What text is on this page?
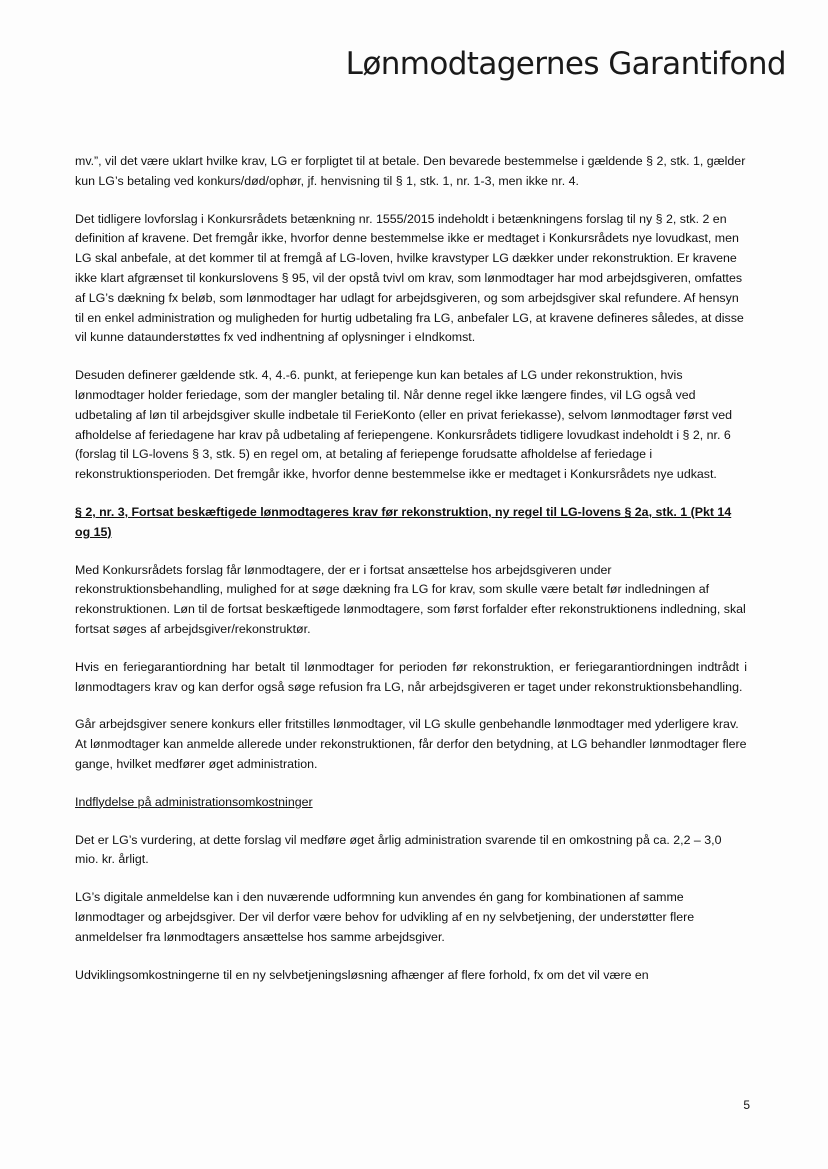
Lønmodtagernes Garantifond

mv.”, vil det være uklart hvilke krav, LG er forpligtet til at betale. Den bevarede bestemmelse i gældende § 2, stk. 1, gælder kun LG’s betaling ved konkurs/død/ophør, jf. henvisning til § 1, stk. 1, nr. 1-3, men ikke nr. 4.

Det tidligere lovforslag i Konkursrådets betænkning nr. 1555/2015 indeholdt i betænkningens forslag til ny § 2, stk. 2 en definition af kravene. Det fremgår ikke, hvorfor denne bestemmelse ikke er medtaget i Konkursrådets nye lovudkast, men LG skal anbefale, at det kommer til at fremgå af LG-loven, hvilke kravstyper LG dækker under rekonstruktion. Er kravene ikke klart afgrænset til konkurslovens § 95, vil der opstå tvivl om krav, som lønmodtager har mod arbejdsgiveren, omfattes af LG’s dækning fx beløb, som lønmodtager har udlagt for arbejdsgiveren, og som arbejdsgiver skal refundere. Af hensyn til en enkel administration og muligheden for hurtig udbetaling fra LG, anbefaler LG, at kravene defineres således, at disse vil kunne dataunderstøttes fx ved indhentning af oplysninger i eIndkomst.

Desuden definerer gældende stk. 4, 4.-6. punkt, at feriepenge kun kan betales af LG under rekonstruktion, hvis lønmodtager holder feriedage, som der mangler betaling til. Når denne regel ikke længere findes, vil LG også ved udbetaling af løn til arbejdsgiver skulle indbetale til FerieKonto (eller en privat feriekasse), selvom lønmodtager først ved afholdelse af feriedagene har krav på udbetaling af feriepengene. Konkursrådets tidligere lovudkast indeholdt i § 2, nr. 6 (forslag til LG-lovens § 3, stk. 5) en regel om, at betaling af feriepenge forudsatte afholdelse af feriedage i rekonstruktionsperioden. Det fremgår ikke, hvorfor denne bestemmelse ikke er medtaget i Konkursrådets nye udkast.

§ 2, nr. 3, Fortsat beskæftigede lønmodtageres krav før rekonstruktion, ny regel til LG-lovens § 2a, stk. 1 (Pkt 14 og 15)

Med Konkursrådets forslag får lønmodtagere, der er i fortsat ansættelse hos arbejdsgiveren under rekonstruktionsbehandling, mulighed for at søge dækning fra LG for krav, som skulle være betalt før indledningen af rekonstruktionen. Løn til de fortsat beskæftigede lønmodtagere, som først forfalder efter rekonstruktionens indledning, skal fortsat søges af arbejdsgiver/rekonstruktør.

Hvis en feriegarantiordning har betalt til lønmodtager for perioden før rekonstruktion, er feriegarantiordningen indtrådt i lønmodtagers krav og kan derfor også søge refusion fra LG, når arbejdsgiveren er taget under rekonstruktionsbehandling.

Går arbejdsgiver senere konkurs eller fritstilles lønmodtager, vil LG skulle genbehandle lønmodtager med yderligere krav. At lønmodtager kan anmelde allerede under rekonstruktionen, får derfor den betydning, at LG behandler lønmodtager flere gange, hvilket medfører øget administration.

Indflydelse på administrationsomkostninger

Det er LG’s vurdering, at dette forslag vil medføre øget årlig administration svarende til en omkostning på ca. 2,2 – 3,0 mio. kr. årligt.

LG’s digitale anmeldelse kan i den nuværende udformning kun anvendes én gang for kombinationen af samme lønmodtager og arbejdsgiver. Der vil derfor være behov for udvikling af en ny selvbetjening, der understøtter flere anmeldelser fra lønmodtagers ansættelse hos samme arbejdsgiver.

Udviklingsomkostningerne til en ny selvbetjeningsløsning afhænger af flere forhold, fx om det vil være en

5
